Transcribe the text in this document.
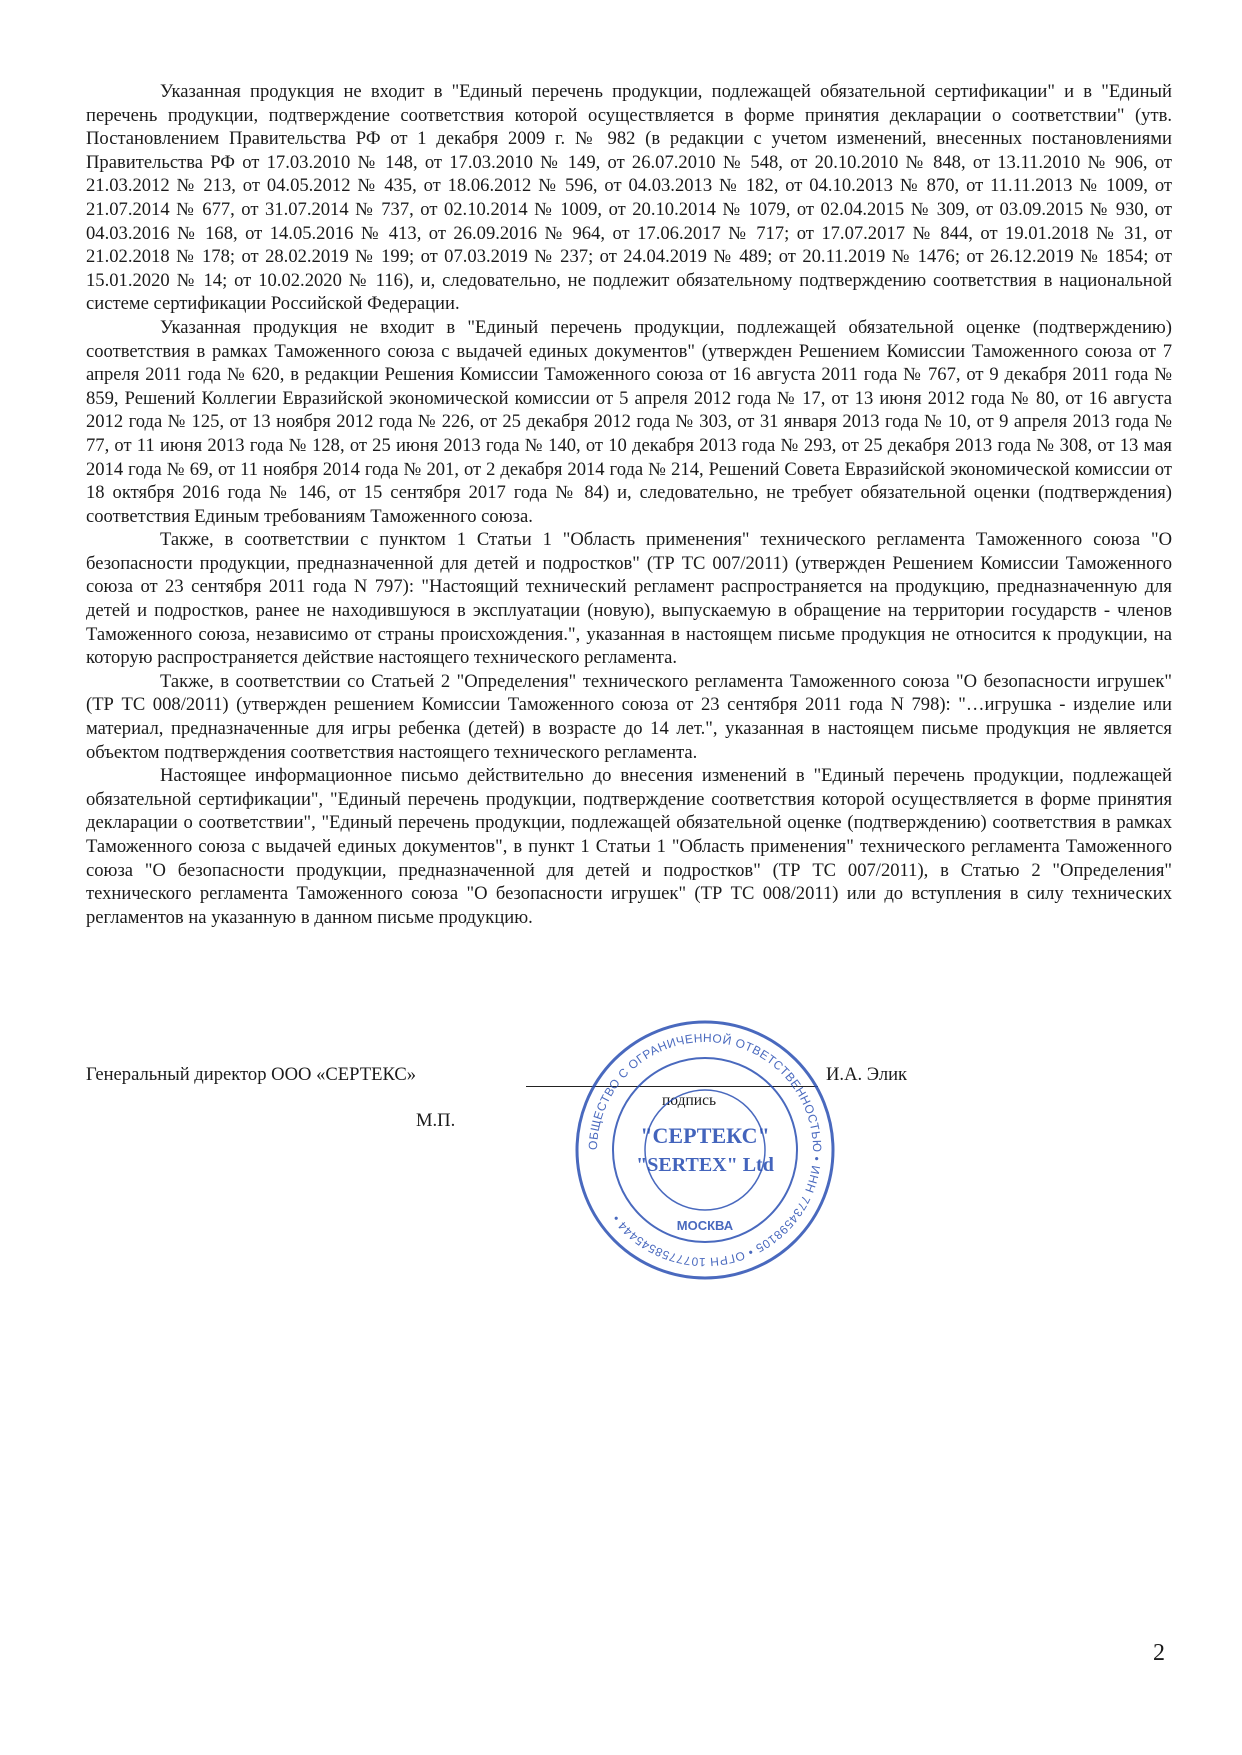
Указанная продукция не входит в "Единый перечень продукции, подлежащей обязательной сертификации" и в "Единый перечень продукции, подтверждение соответствия которой осуществляется в форме принятия декларации о соответствии" (утв. Постановлением Правительства РФ от 1 декабря 2009 г. № 982 (в редакции с учетом изменений, внесенных постановлениями Правительства РФ от 17.03.2010 № 148, от 17.03.2010 № 149, от 26.07.2010 № 548, от 20.10.2010 № 848, от 13.11.2010 № 906, от 21.03.2012 № 213, от 04.05.2012 № 435, от 18.06.2012 № 596, от 04.03.2013 № 182, от 04.10.2013 № 870, от 11.11.2013 № 1009, от 21.07.2014 № 677, от 31.07.2014 № 737, от 02.10.2014 № 1009, от 20.10.2014 № 1079, от 02.04.2015 № 309, от 03.09.2015 № 930, от 04.03.2016 № 168, от 14.05.2016 № 413, от 26.09.2016 № 964, от 17.06.2017 № 717; от 17.07.2017 № 844, от 19.01.2018 № 31, от 21.02.2018 № 178; от 28.02.2019 № 199; от 07.03.2019 № 237; от 24.04.2019 № 489; от 20.11.2019 № 1476; от 26.12.2019 № 1854; от 15.01.2020 № 14; от 10.02.2020 № 116), и, следовательно, не подлежит обязательному подтверждению соответствия в национальной системе сертификации Российской Федерации.

Указанная продукция не входит в "Единый перечень продукции, подлежащей обязательной оценке (подтверждению) соответствия в рамках Таможенного союза с выдачей единых документов" (утвержден Решением Комиссии Таможенного союза от 7 апреля 2011 года № 620, в редакции Решения Комиссии Таможенного союза от 16 августа 2011 года № 767, от 9 декабря 2011 года № 859, Решений Коллегии Евразийской экономической комиссии от 5 апреля 2012 года № 17, от 13 июня 2012 года № 80, от 16 августа 2012 года № 125, от 13 ноября 2012 года № 226, от 25 декабря 2012 года № 303, от 31 января 2013 года № 10, от 9 апреля 2013 года № 77, от 11 июня 2013 года № 128, от 25 июня 2013 года № 140, от 10 декабря 2013 года № 293, от 25 декабря 2013 года № 308, от 13 мая 2014 года № 69, от 11 ноября 2014 года № 201, от 2 декабря 2014 года № 214, Решений Совета Евразийской экономической комиссии от 18 октября 2016 года № 146, от 15 сентября 2017 года № 84) и, следовательно, не требует обязательной оценки (подтверждения) соответствия Единым требованиям Таможенного союза.

Также, в соответствии с пунктом 1 Статьи 1 "Область применения" технического регламента Таможенного союза "О безопасности продукции, предназначенной для детей и подростков" (ТР ТС 007/2011) (утвержден Решением Комиссии Таможенного союза от 23 сентября 2011 года N 797): "Настоящий технический регламент распространяется на продукцию, предназначенную для детей и подростков, ранее не находившуюся в эксплуатации (новую), выпускаемую в обращение на территории государств - членов Таможенного союза, независимо от страны происхождения.", указанная в настоящем письме продукция не относится к продукции, на которую распространяется действие настоящего технического регламента.

Также, в соответствии со Статьей 2 "Определения" технического регламента Таможенного союза "О безопасности игрушек" (ТР ТС 008/2011) (утвержден решением Комиссии Таможенного союза от 23 сентября 2011 года N 798): "…игрушка - изделие или материал, предназначенные для игры ребенка (детей) в возрасте до 14 лет.", указанная в настоящем письме продукция не является объектом подтверждения соответствия настоящего технического регламента.

Настоящее информационное письмо действительно до внесения изменений в "Единый перечень продукции, подлежащей обязательной сертификации", "Единый перечень продукции, подтверждение соответствия которой осуществляется в форме принятия декларации о соответствии", "Единый перечень продукции, подлежащей обязательной оценке (подтверждению) соответствия в рамках Таможенного союза с выдачей единых документов", в пункт 1 Статьи 1 "Область применения" технического регламента Таможенного союза "О безопасности продукции, предназначенной для детей и подростков" (ТР ТС 007/2011), в Статью 2 "Определения" технического регламента Таможенного союза "О безопасности игрушек" (ТР ТС 008/2011) или до вступления в силу технических регламентов на указанную в данном письме продукцию.

Генеральный директор ООО «СЕРТЕКС»	И.А. Элик
подпись
М.П.
ОБЩЕСТВО С ОГРАНИЧЕННОЙ ОТВЕТСТВЕННОСТЬЮ • ИНН 7734598105 • ОГРН 1077758545444 •
"СЕРТЕКС"
"SERTEX" Ltd
МОСКВА
2
